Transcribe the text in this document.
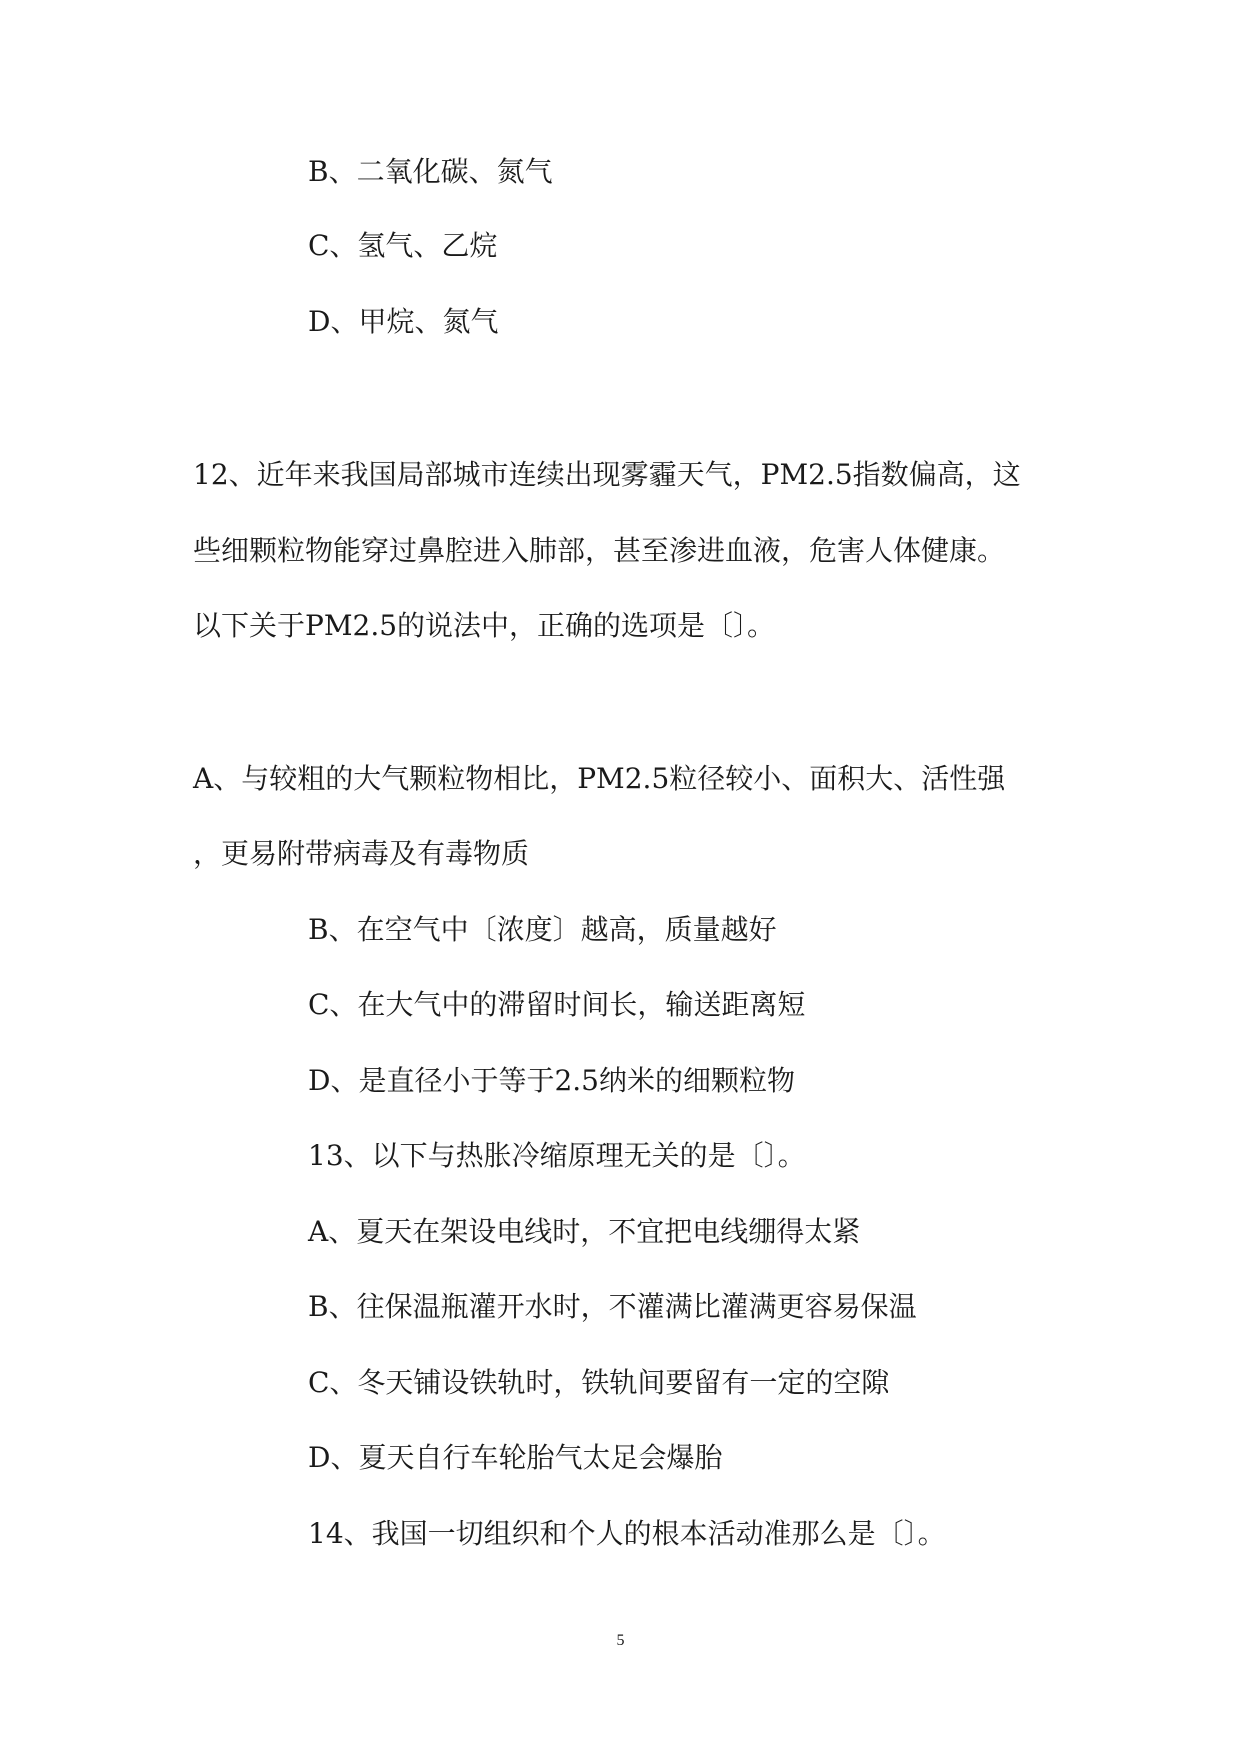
B、二氧化碳、氮气
C、氢气、乙烷
D、甲烷、氮气
12、近年来我国局部城市连续出现雾霾天气，PM2.5指数偏高，这
些细颗粒物能穿过鼻腔进入肺部，甚至渗进血液，危害人体健康。
以下关于PM2.5的说法中，正确的选项是〔〕。
A、与较粗的大气颗粒物相比，PM2.5粒径较小、面积大、活性强
，更易附带病毒及有毒物质
B、在空气中〔浓度〕越高，质量越好
C、在大气中的滞留时间长，输送距离短
D、是直径小于等于2.5纳米的细颗粒物
13、以下与热胀冷缩原理无关的是〔〕。
A、夏天在架设电线时，不宜把电线绷得太紧
B、往保温瓶灌开水时，不灌满比灌满更容易保温
C、冬天铺设铁轨时，铁轨间要留有一定的空隙
D、夏天自行车轮胎气太足会爆胎
14、我国一切组织和个人的根本活动准那么是〔〕。
5
